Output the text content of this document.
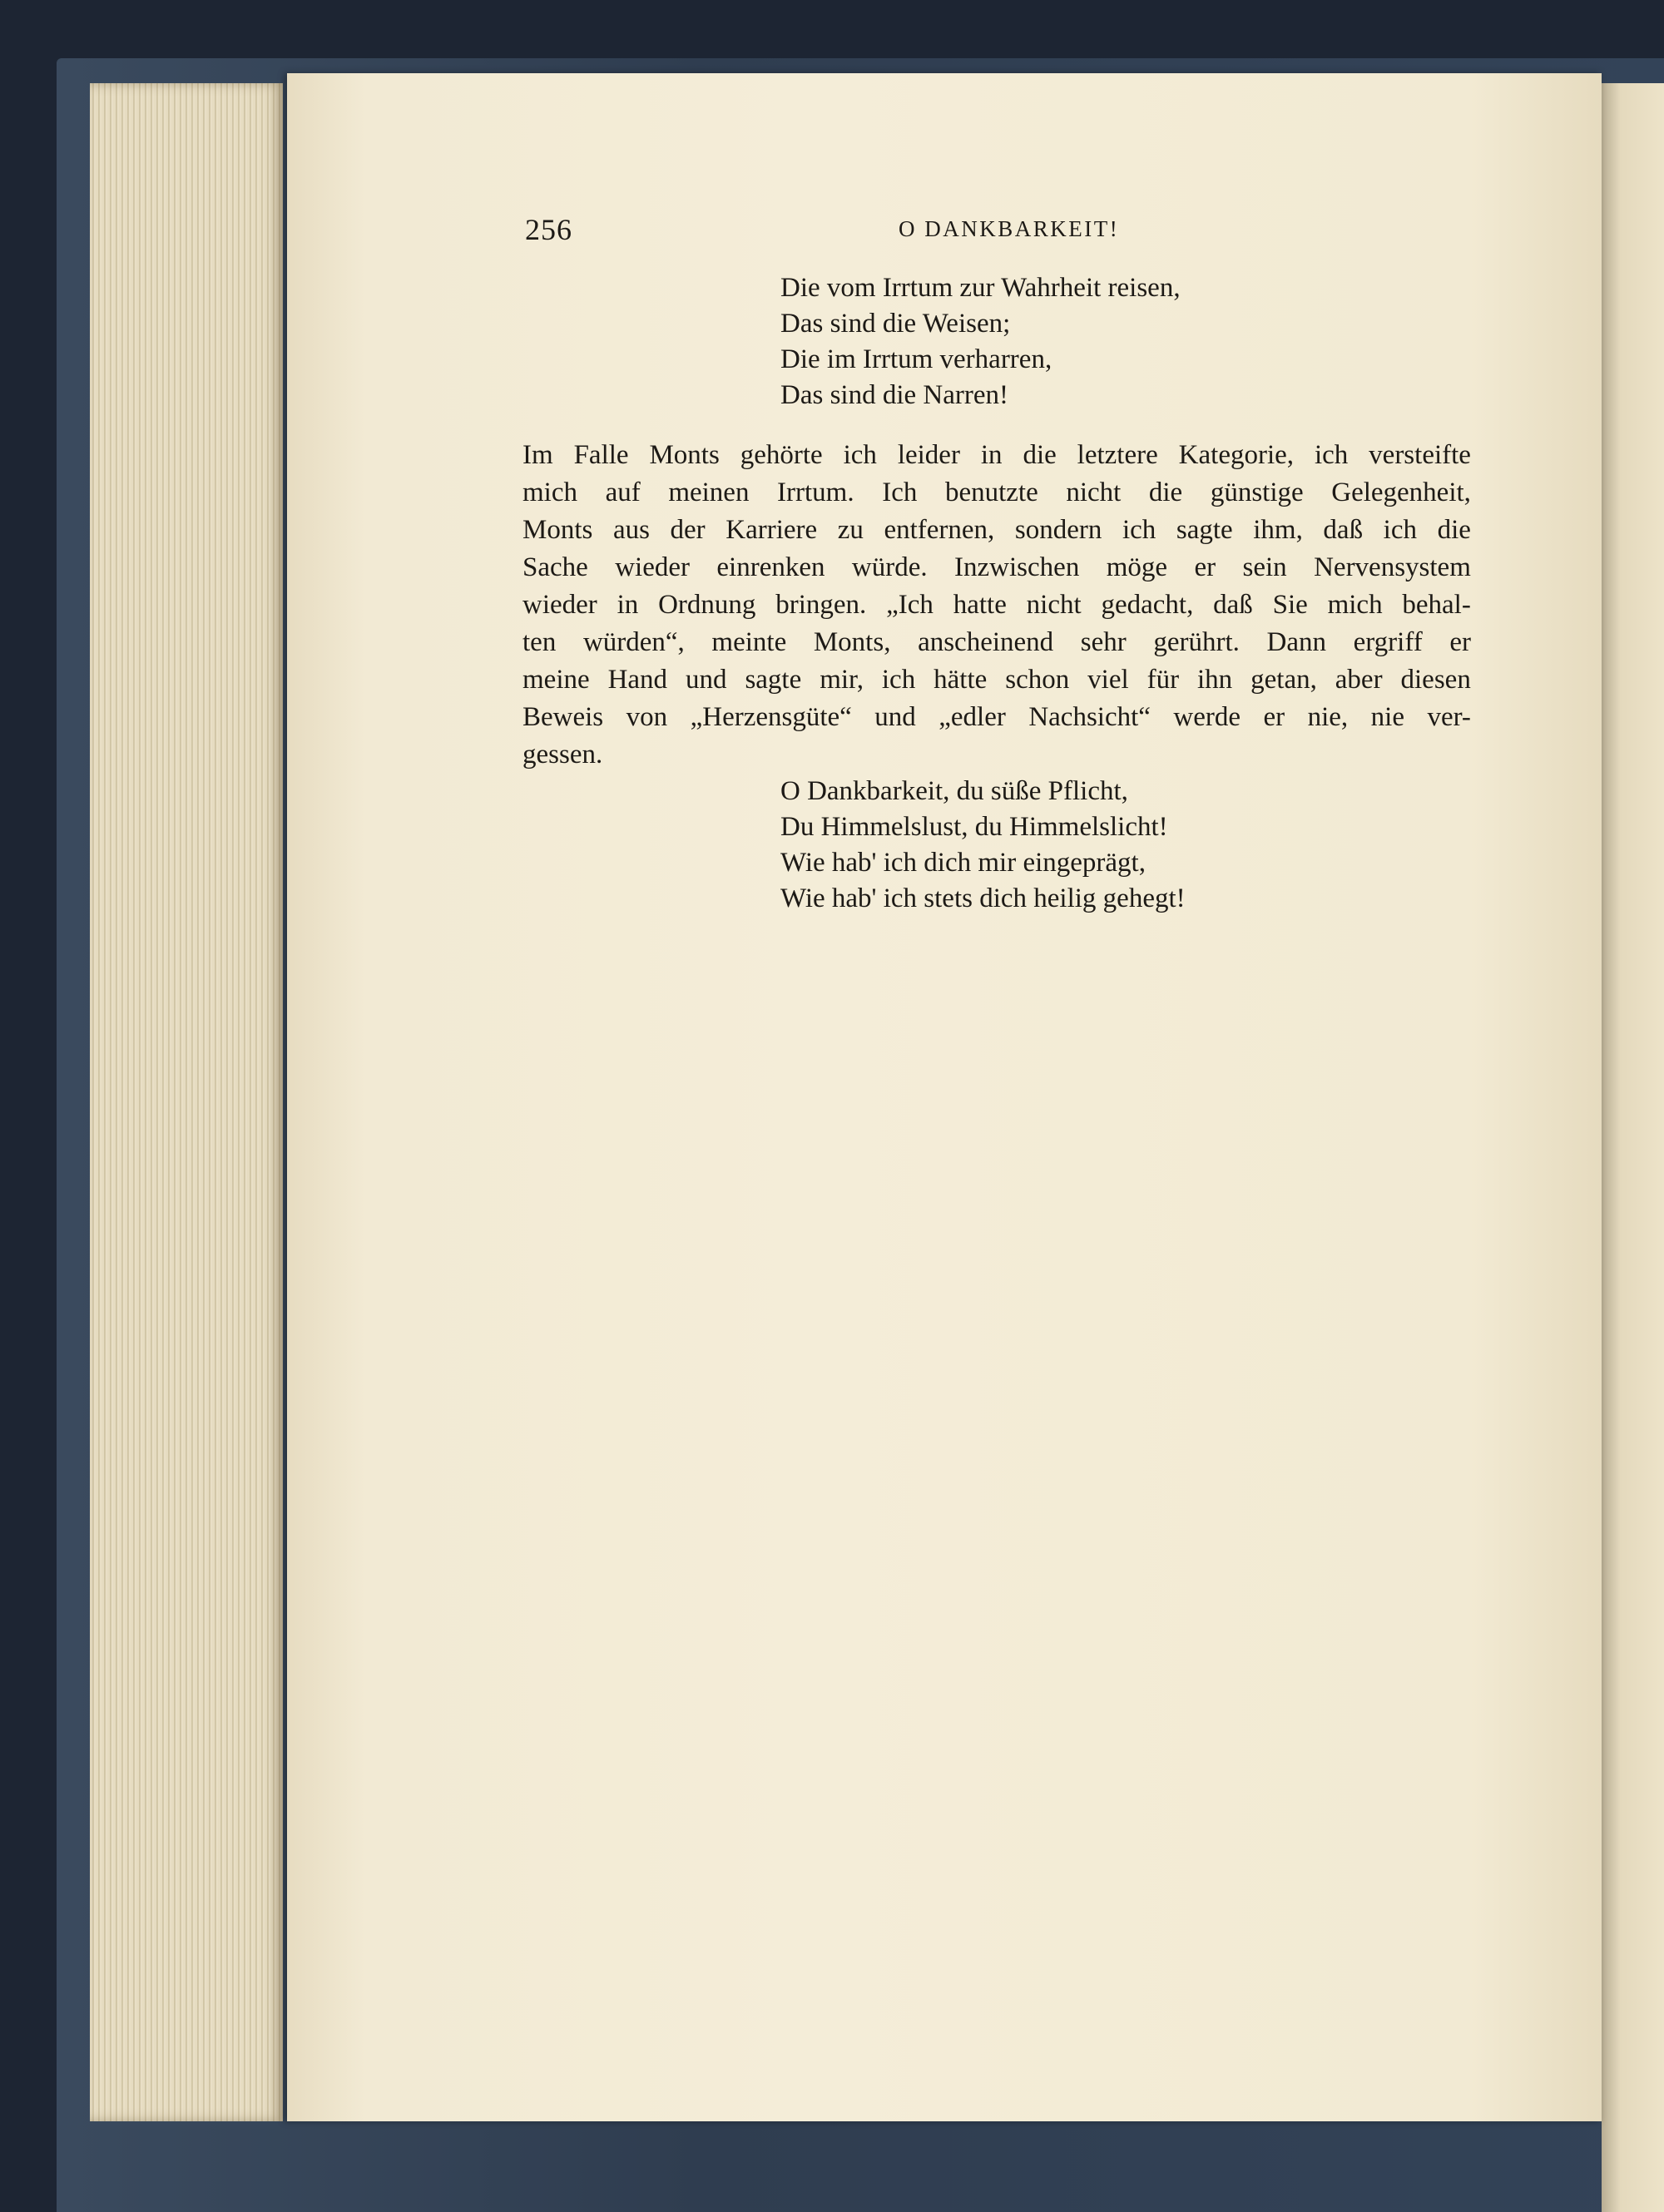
256	O DANKBARKEIT!
Die vom Irrtum zur Wahrheit reisen,
Das sind die Weisen;
Die im Irrtum verharren,
Das sind die Narren!
Im Falle Monts gehörte ich leider in die letztere Kategorie, ich versteifte
mich auf meinen Irrtum. Ich benutzte nicht die günstige Gelegenheit,
Monts aus der Karriere zu entfernen, sondern ich sagte ihm, daß ich die
Sache wieder einrenken würde. Inzwischen möge er sein Nervensystem
wieder in Ordnung bringen. „Ich hatte nicht gedacht, daß Sie mich behal-
ten würden“, meinte Monts, anscheinend sehr gerührt. Dann ergriff er
meine Hand und sagte mir, ich hätte schon viel für ihn getan, aber diesen
Beweis von „Herzensgüte“ und „edler Nachsicht“ werde er nie, nie ver-
gessen.
O Dankbarkeit, du süße Pflicht,
Du Himmelslust, du Himmelslicht!
Wie hab' ich dich mir eingeprägt,
Wie hab' ich stets dich heilig gehegt!
